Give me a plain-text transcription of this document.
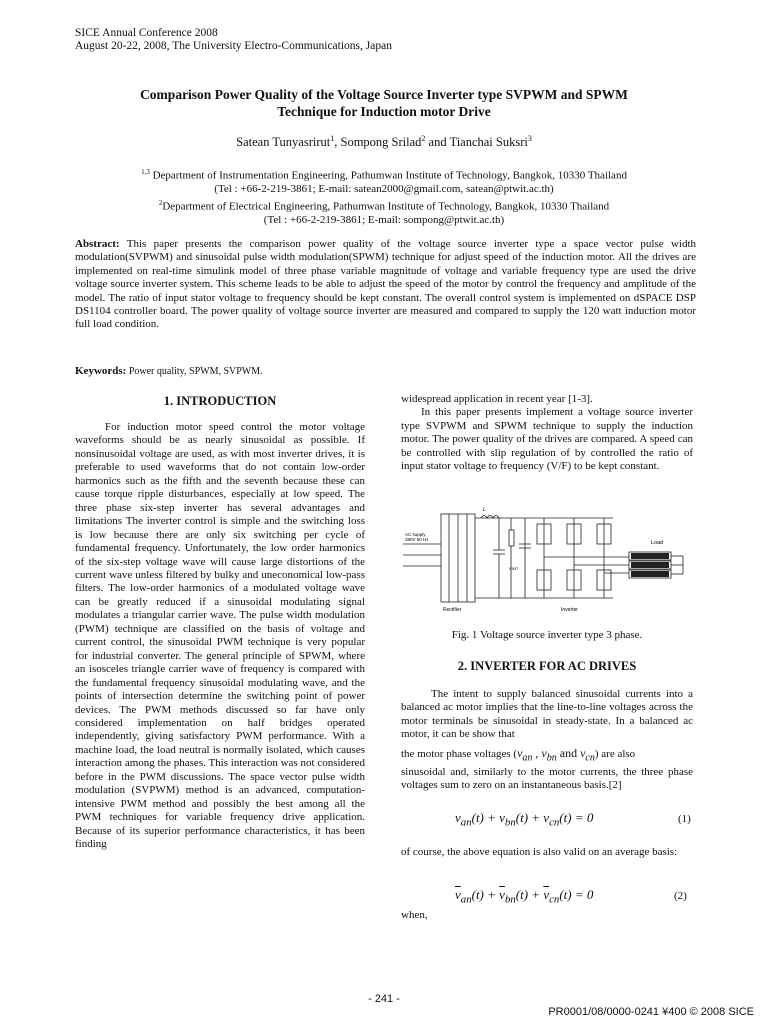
SICE Annual Conference 2008
August 20-22, 2008, The University Electro-Communications, Japan
Comparison Power Quality of the Voltage Source Inverter type SVPWM and SPWM
Technique for Induction motor Drive
Satean Tunyasrirut$^1$, Sompong Srilad$^2$ and Tianchai Suksri$^3$
$^{1,3}$ Department of Instrumentation Engineering, Pathumwan Institute of Technology, Bangkok, 10330 Thailand
(Tel : +66-2-219-3861; E-mail: satean2000@gmail.com, satean@ptwit.ac.th)
$^2$Department of Electrical Engineering, Pathumwan Institute of Technology, Bangkok, 10330 Thailand
(Tel : +66-2-219-3861; E-mail: sompong@ptwit.ac.th)
Abstract: This paper presents the comparison power quality of the voltage source inverter type a space vector pulse width modulation(SVPWM) and sinusoidal pulse width modulation(SPWM) technique for adjust speed of the induction motor. All the drives are implemented on real-time simulink model of three phase variable magnitude of voltage and variable frequency type are used the drive voltage source inverter system. This scheme leads to be able to adjust the speed of the motor by control the frequency and amplitude of the model. The ratio of input stator voltage to frequency should be kept constant. The overall control system is implemented on dSPACE DSP DS1104 controller board. The power quality of voltage source inverter are measured and compared to supply the 120 watt induction motor full load condition.
Keywords: Power quality, SPWM, SVPWM.
1. INTRODUCTION

For induction motor speed control the motor voltage waveforms should be as nearly sinusoidal as possible. If nonsinusoidal voltage are used, as with most inverter drives, it is preferable to used waveforms that do not contain low-order harmonics such as the fifth and the seventh because these can cause torque ripple disturbances, especially at low speed. The three phase six-step inverter has several advantages and limitations The inverter control is simple and the switching loss is low because there are only six switching per cycle of fundamental frequency. Unfortunately, the low order harmonics of the six-step voltage wave will cause large distortions of the current wave unless filtered by bulky and uneconomical low-pass filters. The low-order harmonics of a modulated voltage wave can be greatly reduced if a sinusoidal modulating signal modulates a triangular carrier wave. The pulse width modulation (PWM) technique are classified on the basis of voltage and current control, the sinusoidal PWM technique is very popular for industrial converter. The general principle of SPWM, where an isosceles triangle carrier wave of frequency is compared with the fundamental frequency sinusoidal modulating wave, and the points of intersection determine the switching point of power devices. The PWM methods discussed so far have only considered implementation on half bridges operated independently, giving satisfactory PWM performance. With a machine load, the load neutral is normally isolated, which causes interaction among the phases. This interaction was not considered before in the PWM discussions. The space vector pulse width modulation (SVPWM) method is an advanced, computation-intensive PWM method and possibly the best among all the PWM techniques for variable frequency drive application. Because of its superior performance characteristics, it has been finding

widespread application in recent year [1-3].

In this paper presents implement a voltage source inverter type SVPWM and SPWM technique to supply the induction motor. The power quality of the drives are compared. A speed can be controlled with slip regulation of by controlled the ratio of input stator voltage to frequency (V/F) to be kept constant.

AC supply
380V 50 Hz
Rectifier	Inverter
Load
L
IGBT
Fig. 1 Voltage source inverter type 3 phase.
2. INVERTER FOR AC DRIVES

The intent to supply balanced sinusoidal currents into a balanced ac motor implies that the line-to-line voltages across the motor terminals be sinusoidal in steady-state. In a balanced ac motor, it can be show that

the motor phase voltages ($v_{an}$ , $v_{bn}$ and $v_{cn}$) are also
sinusoidal and, similarly to the motor currents, the three phase voltages sum to zero on an instantaneous basis.[2]
$v_{an}(t) + v_{bn}(t) + v_{cn}(t) = 0$	(1)
of course, the above equation is also valid on an average basis:
$\overline{v}_{an}(t) + \overline{v}_{bn}(t) + \overline{v}_{cn}(t) = 0$	(2)
when,
- 241 -
PR0001/08/0000-0241 ¥400 © 2008 SICE
